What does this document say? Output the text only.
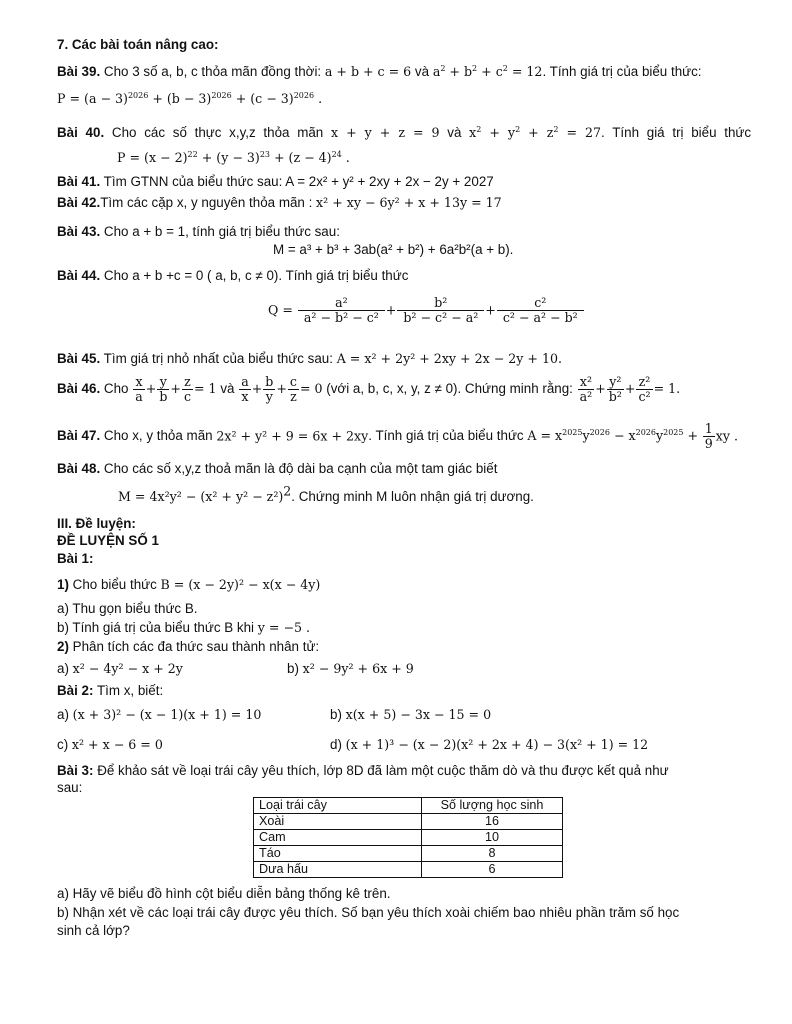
7. Các bài toán nâng cao:
Bài 39. Cho 3 số a, b, c thỏa mãn đồng thời: a + b + c = 6 và $a^2 + b^2 + c^2 = 12$. Tính giá trị của biểu thức:
$P = (a - 3)^{2026} + (b - 3)^{2026} + (c - 3)^{2026}$ .
Bài 40. Cho các số thực x,y,z thỏa mãn x + y + z = 9 và $x^2 + y^2 + z^2 = 27$. Tính giá trị biểu thức
$P = (x - 2)^{22} + (y - 3)^{23} + (z - 4)^{24}$ .
Bài 41. Tìm GTNN của biểu thức sau: A = 2x² + y² + 2xy + 2x − 2y + 2027
Bài 42.Tìm các cặp x, y nguyên thỏa mãn : x² + xy − 6y² + x + 13y = 17
Bài 43. Cho a + b = 1, tính giá trị biểu thức sau:
M = a³ + b³ + 3ab(a² + b²) + 6a²b²(a + b).
Bài 44. Cho a + b +c = 0 ( a, b, c ≠ 0). Tính giá trị biểu thức
$Q = \frac{\text{a²}}{\text{a² − b² − c²}} + \frac{\text{b²}}{\text{b² − c² − a²}} + \frac{\text{c²}}{\text{c² − a² − b²}}$
Bài 45. Tìm giá trị nhỏ nhất của biểu thức sau: A = x² + 2y² + 2xy + 2x − 2y + 10.
Bài 46. Cho $\frac{x}{a} + \frac{y}{b} + \frac{z}{c} = 1$ và $\frac{a}{x} + \frac{b}{y} + \frac{c}{z} = 0$ (với a, b, c, x, y, z ≠ 0). Chứng minh rằng: $\frac{\text{x²}}{\text{a²}} + \frac{\text{y²}}{\text{b²}} + \frac{\text{z²}}{\text{c²}} = 1$.
Bài 47. Cho x, y thỏa mãn 2x² + y² + 9 = 6x + 2xy. Tính giá trị của biểu thức $A = x^{2025}y^{2026} - x^{2026}y^{2025} + \frac{1}{9}$ xy .
Bài 48. Cho các số x,y,z thoả mãn là độ dài ba cạnh của một tam giác biết
$M = 4x^2y^2 - (x^2 + y^2 - z^2)^2$. Chứng minh M luôn nhận giá trị dương.
III. Đề luyện:
ĐỀ LUYỆN SỐ 1
Bài 1:
1) Cho biểu thức B = (x − 2y)² − x(x − 4y)
a) Thu gọn biểu thức B.
b) Tính giá trị của biểu thức B khi y = −5 .
2) Phân tích các đa thức sau thành nhân tử:
a) x² − 4y² − x + 2y	b) x² − 9y² + 6x + 9
Bài 2: Tìm x, biết:
a) (x + 3)² − (x − 1)(x + 1) = 10	b) x(x + 5) − 3x − 15 = 0
c) x² + x − 6 = 0	d) (x + 1)³ − (x − 2)(x² + 2x + 4) − 3(x² + 1) = 12
Bài 3: Để khảo sát về loại trái cây yêu thích, lớp 8D đã làm một cuộc thăm dò và thu được kết quả như
sau:
Loại trái cây	Số lượng học sinh
Xoài	16
Cam	10
Táo	8
Dưa hấu	6
a) Hãy vẽ biểu đồ hình cột biểu diễn bảng thống kê trên.
b) Nhận xét về các loại trái cây được yêu thích. Số bạn yêu thích xoài chiếm bao nhiêu phần trăm số học
sinh cả lớp?
